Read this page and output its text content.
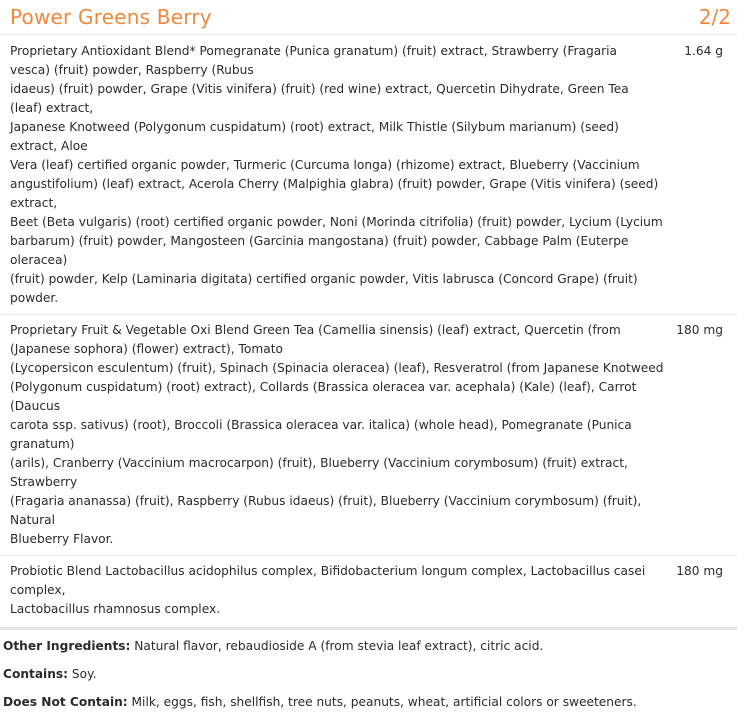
Power Greens Berry	2/2
Proprietary Antioxidant Blend* Pomegranate (Punica granatum) (fruit) extract, Strawberry (Fragaria
vesca) (fruit) powder, Raspberry (Rubus
idaeus) (fruit) powder, Grape (Vitis vinifera) (fruit) (red wine) extract, Quercetin Dihydrate, Green Tea
(leaf) extract,
Japanese Knotweed (Polygonum cuspidatum) (root) extract, Milk Thistle (Silybum marianum) (seed)
extract, Aloe
Vera (leaf) certified organic powder, Turmeric (Curcuma longa) (rhizome) extract, Blueberry (Vaccinium
angustifolium) (leaf) extract, Acerola Cherry (Malpighia glabra) (fruit) powder, Grape (Vitis vinifera) (seed)
extract,
Beet (Beta vulgaris) (root) certified organic powder, Noni (Morinda citrifolia) (fruit) powder, Lycium (Lycium
barbarum) (fruit) powder, Mangosteen (Garcinia mangostana) (fruit) powder, Cabbage Palm (Euterpe
oleracea)
(fruit) powder, Kelp (Laminaria digitata) certified organic powder, Vitis labrusca (Concord Grape) (fruit)
powder.
1.64 g
Proprietary Fruit & Vegetable Oxi Blend Green Tea (Camellia sinensis) (leaf) extract, Quercetin (from
(Japanese sophora) (flower) extract), Tomato
(Lycopersicon esculentum) (fruit), Spinach (Spinacia oleracea) (leaf), Resveratrol (from Japanese Knotweed
(Polygonum cuspidatum) (root) extract), Collards (Brassica oleracea var. acephala) (Kale) (leaf), Carrot
(Daucus
carota ssp. sativus) (root), Broccoli (Brassica oleracea var. italica) (whole head), Pomegranate (Punica
granatum)
(arils), Cranberry (Vaccinium macrocarpon) (fruit), Blueberry (Vaccinium corymbosum) (fruit) extract,
Strawberry
(Fragaria ananassa) (fruit), Raspberry (Rubus idaeus) (fruit), Blueberry (Vaccinium corymbosum) (fruit),
Natural
Blueberry Flavor.
180 mg
Probiotic Blend Lactobacillus acidophilus complex, Bifidobacterium longum complex, Lactobacillus casei
complex,
Lactobacillus rhamnosus complex.
180 mg
Other Ingredients: Natural flavor, rebaudioside A (from stevia leaf extract), citric acid.
Contains: Soy.
Does Not Contain: Milk, eggs, fish, shellfish, tree nuts, peanuts, wheat, artificial colors or sweeteners.
